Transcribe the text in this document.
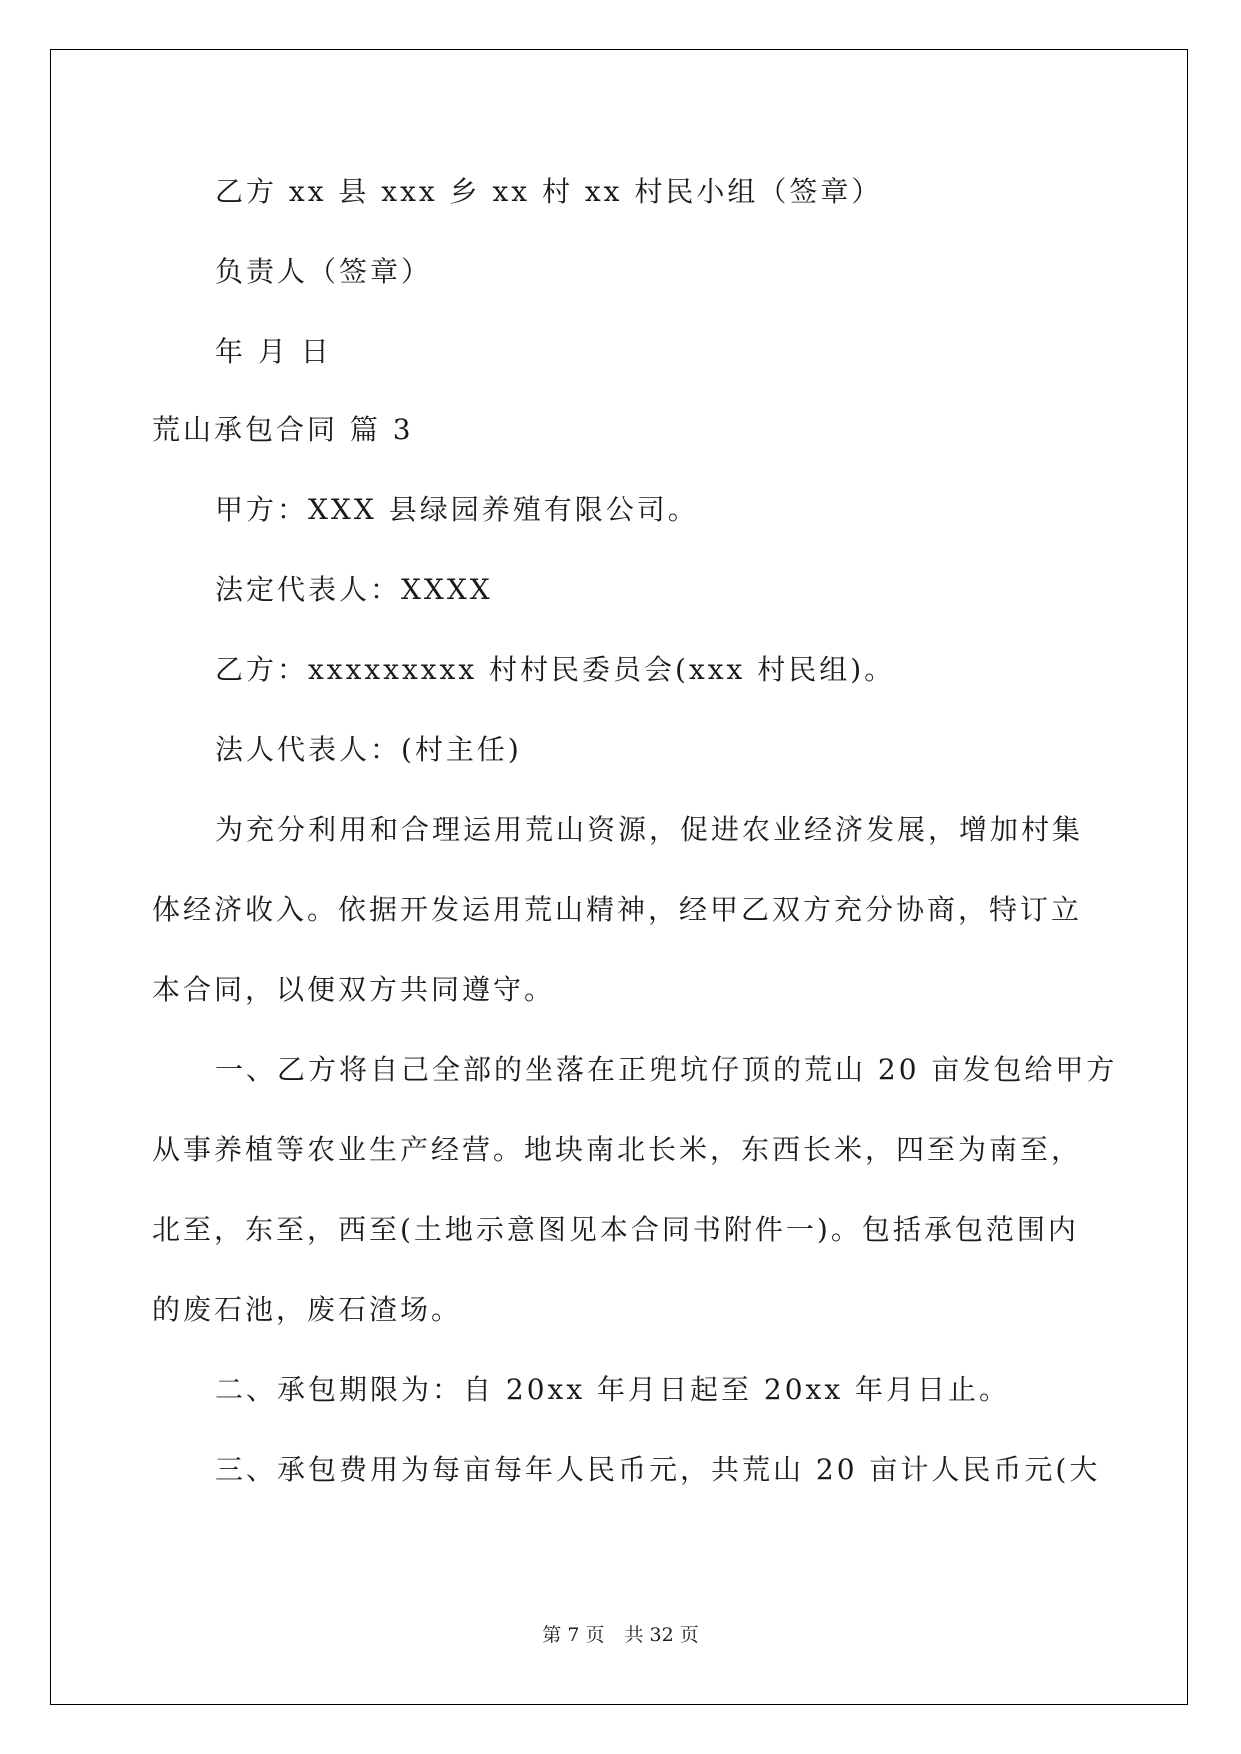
乙方 xx 县 xxx 乡 xx 村 xx 村民小组（签章）
负责人（签章）
年 月 日
荒山承包合同 篇 3
甲方：XXX 县绿园养殖有限公司。
法定代表人：XXXX
乙方：xxxxxxxxx 村村民委员会(xxx 村民组)。
法人代表人：(村主任)
为充分利用和合理运用荒山资源，促进农业经济发展，增加村集
体经济收入。依据开发运用荒山精神，经甲乙双方充分协商，特订立
本合同，以便双方共同遵守。
一、乙方将自己全部的坐落在正兜坑仔顶的荒山 20 亩发包给甲方
从事养植等农业生产经营。地块南北长米，东西长米，四至为南至，
北至，东至，西至(土地示意图见本合同书附件一)。包括承包范围内
的废石池，废石渣场。
二、承包期限为：自 20xx 年月日起至 20xx 年月日止。
三、承包费用为每亩每年人民币元，共荒山 20 亩计人民币元(大
第 7 页 共 32 页
